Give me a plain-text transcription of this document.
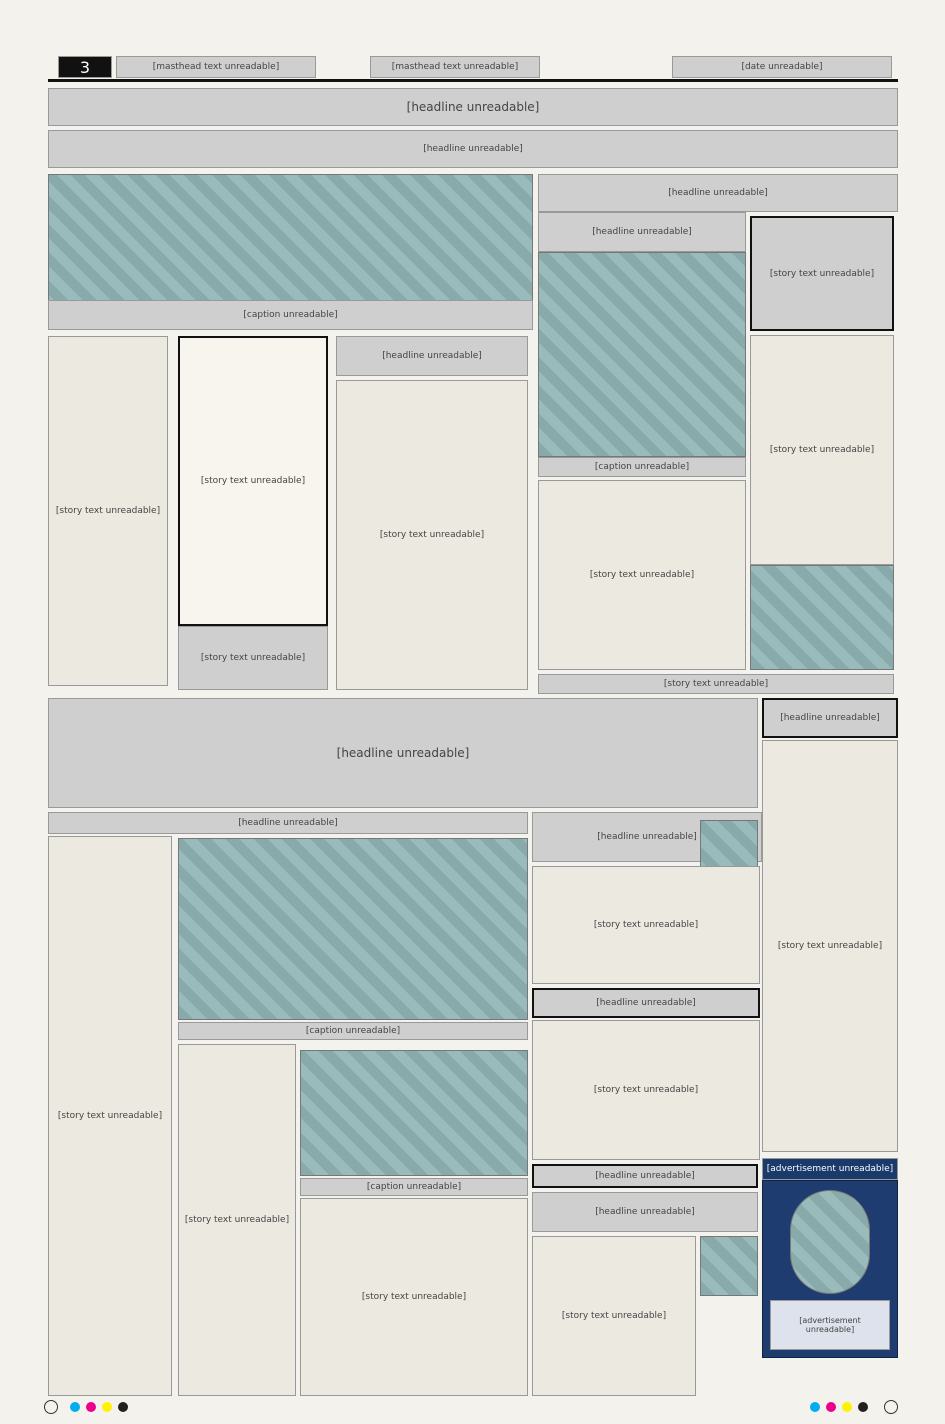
3	[masthead text unreadable]	[masthead text unreadable]	[date unreadable]
[headline unreadable]
[headline unreadable]
[caption unreadable]
[story text unreadable]
[story text unreadable]
[story text unreadable]
[headline unreadable]
[story text unreadable]
[headline unreadable]
[headline unreadable]
[caption unreadable]
[story text unreadable]
[story text unreadable]
[story text unreadable]
[story text unreadable]
[headline unreadable]
[headline unreadable]
[story text unreadable]
[headline unreadable]
[story text unreadable]
[caption unreadable]
[story text unreadable]
[caption unreadable]
[story text unreadable]
[headline unreadable]
[story text unreadable]
[headline unreadable]
[story text unreadable]
[headline unreadable]
[headline unreadable]
[story text unreadable]
[advertisement unreadable]
[advertisement unreadable]
